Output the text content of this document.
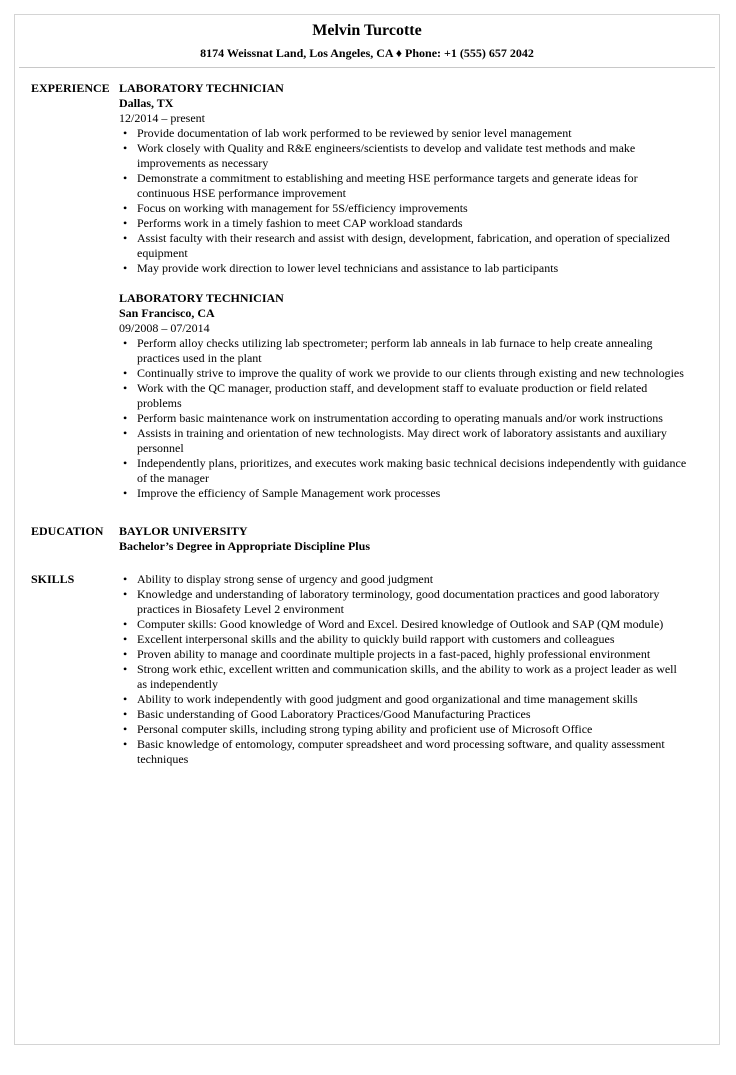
Melvin Turcotte
8174 Weissnat Land, Los Angeles, CA ♦ Phone: +1 (555) 657 2042
EXPERIENCE LABORATORY TECHNICIAN
Dallas, TX
12/2014 – present
• Provide documentation of lab work performed to be reviewed by senior level management
• Work closely with Quality and R&E engineers/scientists to develop and validate test methods and make improvements as necessary
• Demonstrate a commitment to establishing and meeting HSE performance targets and generate ideas for continuous HSE performance improvement
• Focus on working with management for 5S/efficiency improvements
• Performs work in a timely fashion to meet CAP workload standards
• Assist faculty with their research and assist with design, development, fabrication, and operation of specialized equipment
• May provide work direction to lower level technicians and assistance to lab participants
LABORATORY TECHNICIAN
San Francisco, CA
09/2008 – 07/2014
• Perform alloy checks utilizing lab spectrometer; perform lab anneals in lab furnace to help create annealing practices used in the plant
• Continually strive to improve the quality of work we provide to our clients through existing and new technologies
• Work with the QC manager, production staff, and development staff to evaluate production or field related problems
• Perform basic maintenance work on instrumentation according to operating manuals and/or work instructions
• Assists in training and orientation of new technologists. May direct work of laboratory assistants and auxiliary personnel
• Independently plans, prioritizes, and executes work making basic technical decisions independently with guidance of the manager
• Improve the efficiency of Sample Management work processes
EDUCATION	BAYLOR UNIVERSITY
Bachelor’s Degree in Appropriate Discipline Plus
SKILLS
•	Ability to display strong sense of urgency and good judgment
• Knowledge and understanding of laboratory terminology, good documentation practices and good laboratory practices in Biosafety Level 2 environment
• Computer skills: Good knowledge of Word and Excel. Desired knowledge of Outlook and SAP (QM module)
• Excellent interpersonal skills and the ability to quickly build rapport with customers and colleagues
• Proven ability to manage and coordinate multiple projects in a fast-paced, highly professional environment
• Strong work ethic, excellent written and communication skills, and the ability to work as a project leader as well as independently
• Ability to work independently with good judgment and good organizational and time management skills
• Basic understanding of Good Laboratory Practices/Good Manufacturing Practices
• Personal computer skills, including strong typing ability and proficient use of Microsoft Office
• Basic knowledge of entomology, computer spreadsheet and word processing software, and quality assessment techniques
